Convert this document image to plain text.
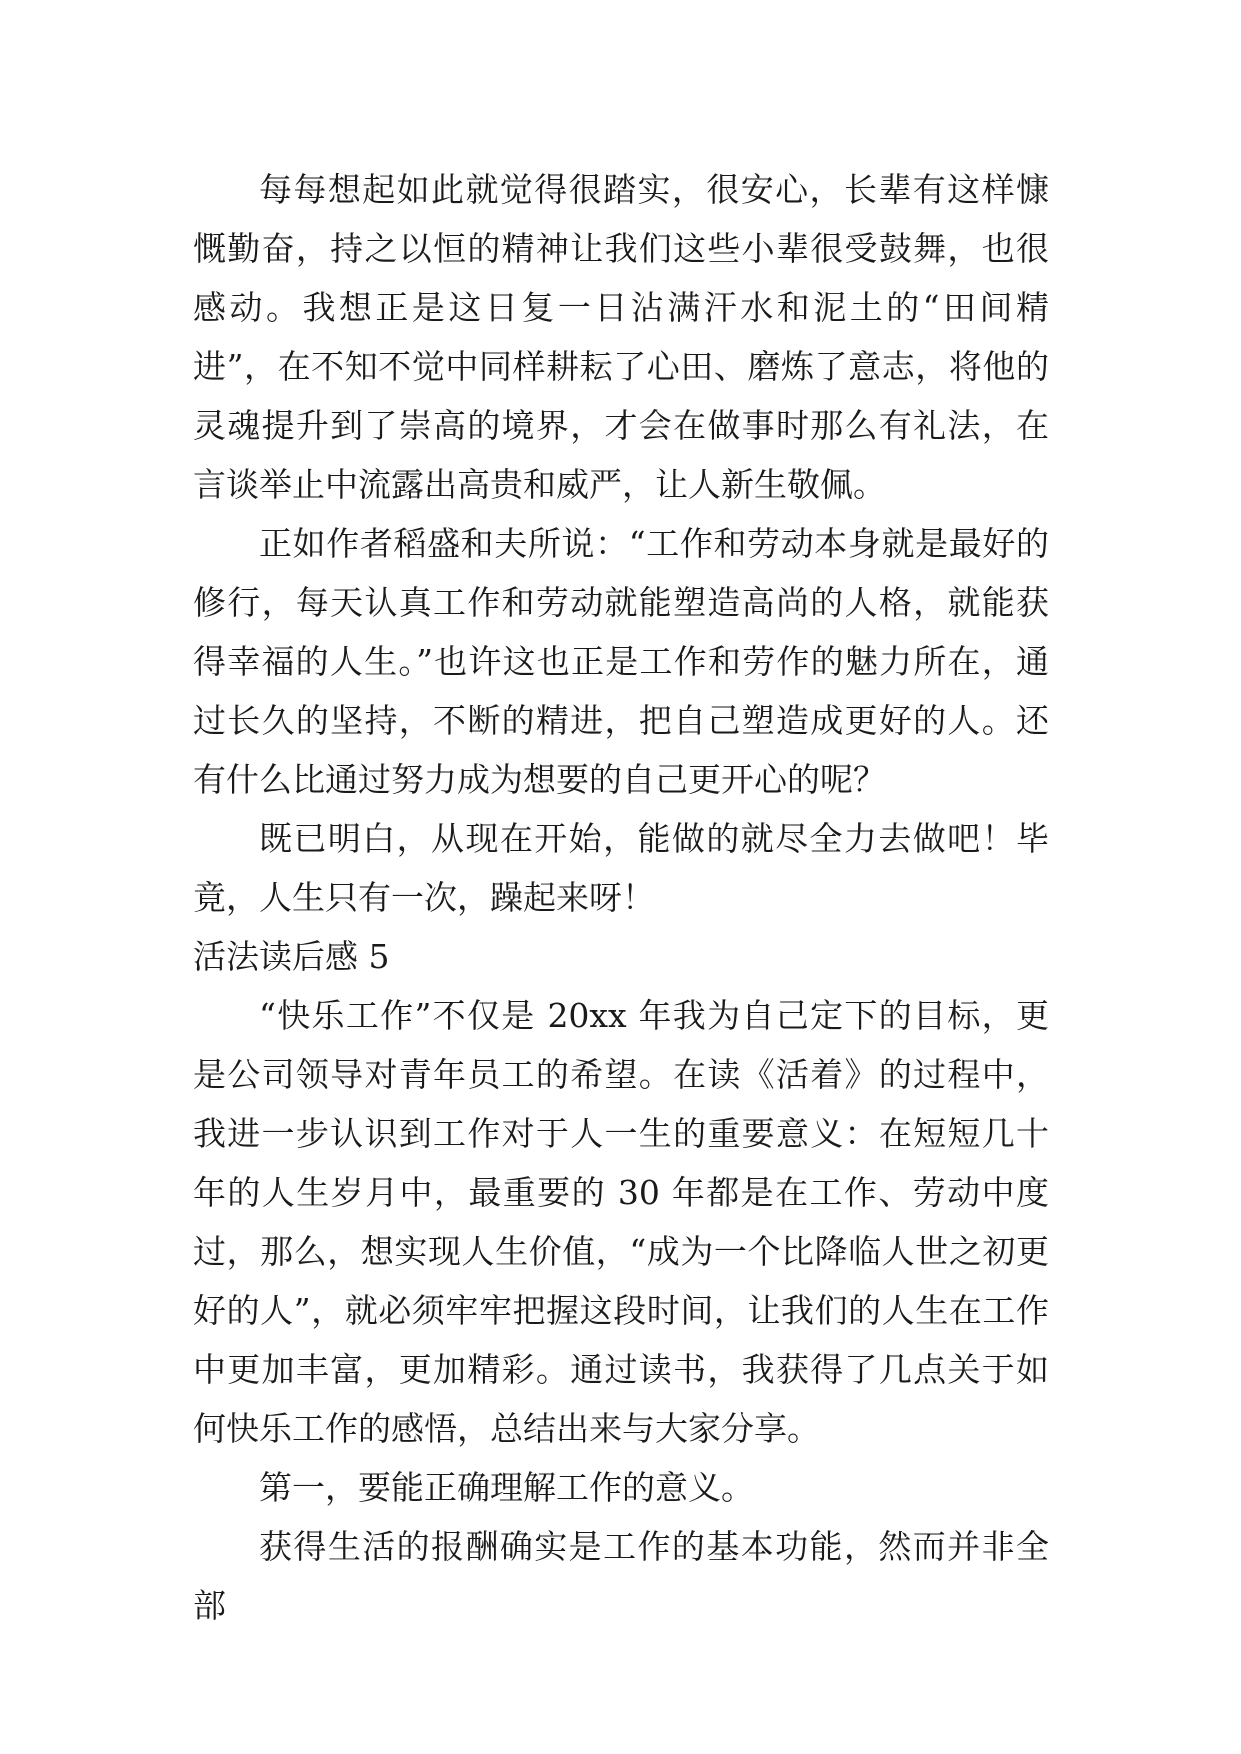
每每想起如此就觉得很踏实，很安心，长辈有这样慷慨勤奋，持之以恒的精神让我们这些小辈很受鼓舞，也很感动。我想正是这日复一日沾满汗水和泥土的“田间精进”，在不知不觉中同样耕耘了心田、磨炼了意志，将他的灵魂提升到了崇高的境界，才会在做事时那么有礼法，在言谈举止中流露出高贵和威严，让人新生敬佩。

正如作者稻盛和夫所说：“工作和劳动本身就是最好的修行，每天认真工作和劳动就能塑造高尚的人格，就能获得幸福的人生。”也许这也正是工作和劳作的魅力所在，通过长久的坚持，不断的精进，把自己塑造成更好的人。还有什么比通过努力成为想要的自己更开心的呢？

既已明白，从现在开始，能做的就尽全力去做吧！毕竟，人生只有一次，躁起来呀！

活法读后感 5

“快乐工作”不仅是 20xx 年我为自己定下的目标，更是公司领导对青年员工的希望。在读《活着》的过程中，我进一步认识到工作对于人一生的重要意义：在短短几十年的人生岁月中，最重要的 30 年都是在工作、劳动中度过，那么，想实现人生价值，“成为一个比降临人世之初更好的人”，就必须牢牢把握这段时间，让我们的人生在工作中更加丰富，更加精彩。通过读书，我获得了几点关于如何快乐工作的感悟，总结出来与大家分享。

第一，要能正确理解工作的意义。

获得生活的报酬确实是工作的基本功能，然而并非全部
